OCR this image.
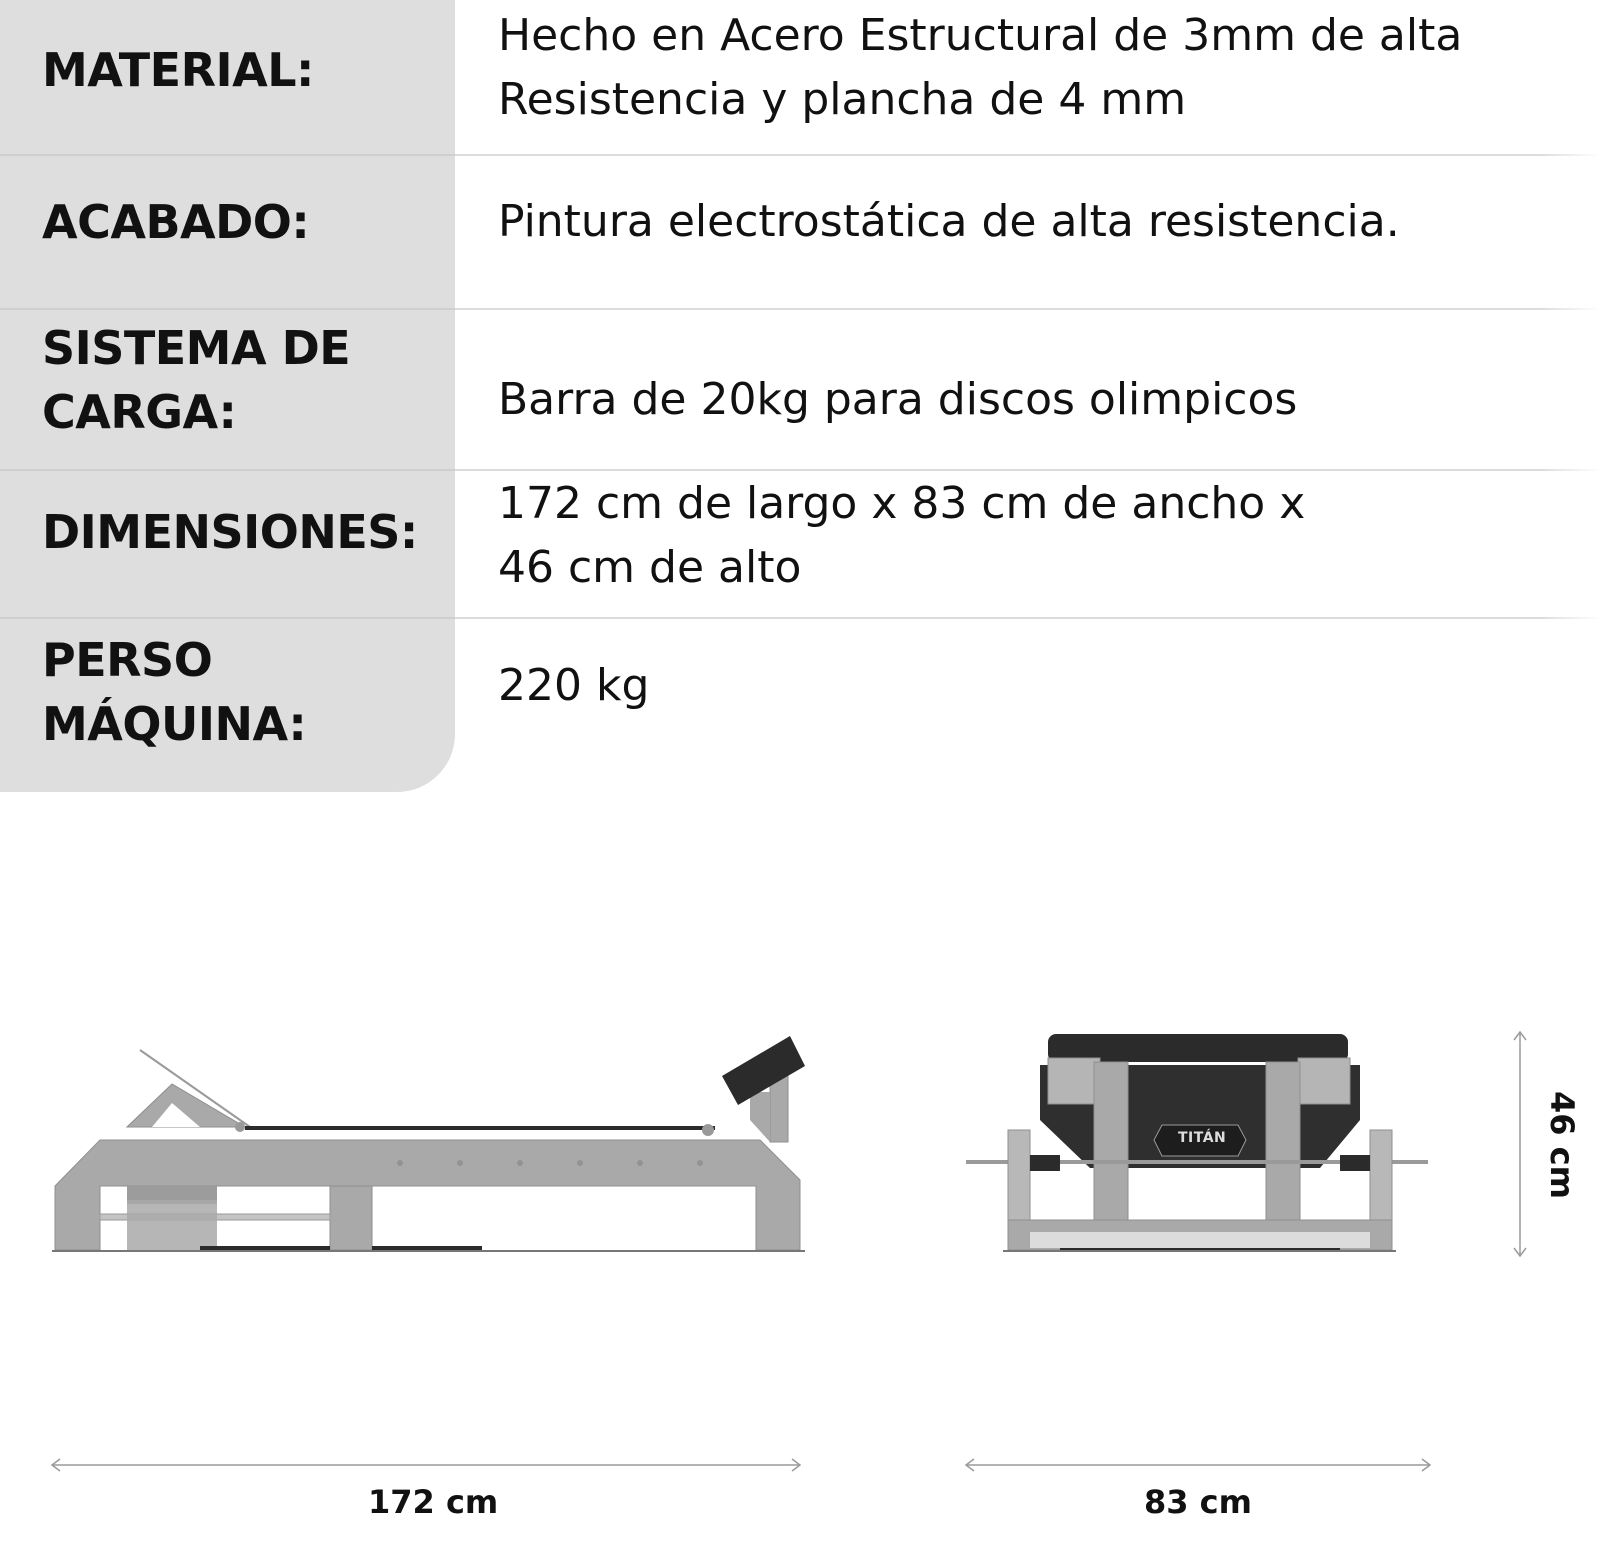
MATERIAL:
Hecho en Acero Estructural de 3mm de alta
Resistencia y plancha de 4 mm
ACABADO:	Pintura electrostática de alta resistencia.
SISTEMA DE
CARGA:	Barra de 20kg para discos olimpicos
DIMENSIONES:
172 cm de largo x 83 cm de ancho x
46 cm de alto
PERSO
MÁQUINA:
220 kg
172 cm	83 cm
46 cm
TITÁN
